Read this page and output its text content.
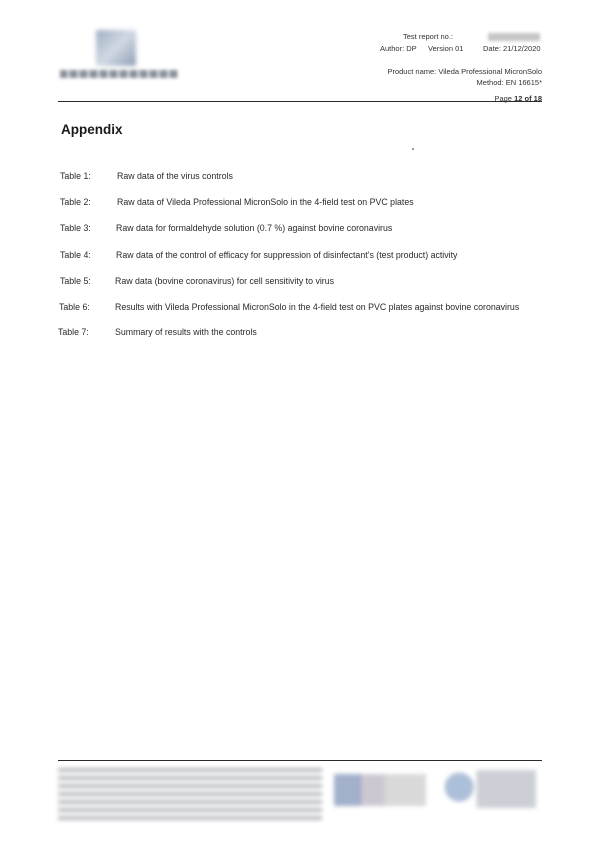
Test report no.:
Author: DP Version 01	Date: 21/12/2020
Product name: Vileda Professional MicronSolo
Method: EN 16615*
Page 12 of 18
Appendix
Table 1:	Raw data of the virus controls
Table 2:	Raw data of Vileda Professional MicronSolo in the 4-field test on PVC plates
Table 3:	Raw data for formaldehyde solution (0.7 %) against bovine coronavirus
Table 4:	Raw data of the control of efficacy for suppression of disinfectant’s (test product) activity
Table 5:	Raw data (bovine coronavirus) for cell sensitivity to virus
Table 6:	Results with Vileda Professional MicronSolo in the 4-field test on PVC plates against bovine coronavirus
Table 7:	Summary of results with the controls
